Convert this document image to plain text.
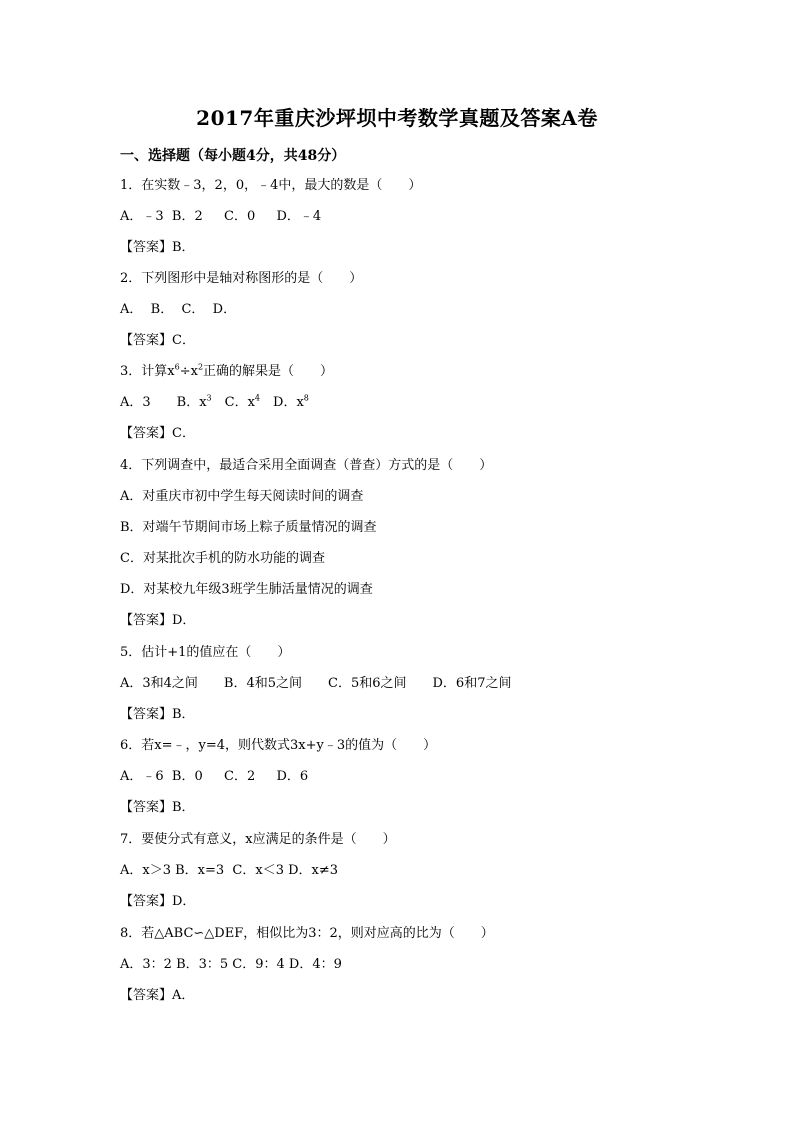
2017年重庆沙坪坝中考数学真题及答案A卷
一、选择题（每小题4分，共48分）
1．在实数﹣3，2，0，﹣4中，最大的数是（　　）
A．﹣3  B．2  　C．0  　D．﹣4
【答案】B．
2．下列图形中是轴对称图形的是（　　）
A．  B．  C．  D．
【答案】C．
3．计算$x^6\div x^2$正确的解果是（　　）
A．3　　B．$x^3$　C．$x^4$　D．$x^8$
【答案】C．
4．下列调查中，最适合采用全面调查（普查）方式的是（　　）
A．对重庆市初中学生每天阅读时间的调查
B．对端午节期间市场上粽子质量情况的调查
C．对某批次手机的防水功能的调查
D．对某校九年级3班学生肺活量情况的调查
【答案】D．
5．估计+1的值应在（　　）
A．3和4之间　　B．4和5之间　　C．5和6之间　　D．6和7之间
【答案】B．
6．若x=﹣，y=4，则代数式3x+y﹣3的值为（　　）
A．﹣6  B．0  　C．2  　D．6
【答案】B．
7．要使分式有意义，x应满足的条件是（　　）
A．x＞3 B．x=3  C．x＜3 D．x≠3
【答案】D．
8．若△ABC∽△DEF，相似比为3：2，则对应高的比为（　　）
A．3：2 B．3：5 C．9：4 D．4：9
【答案】A．
